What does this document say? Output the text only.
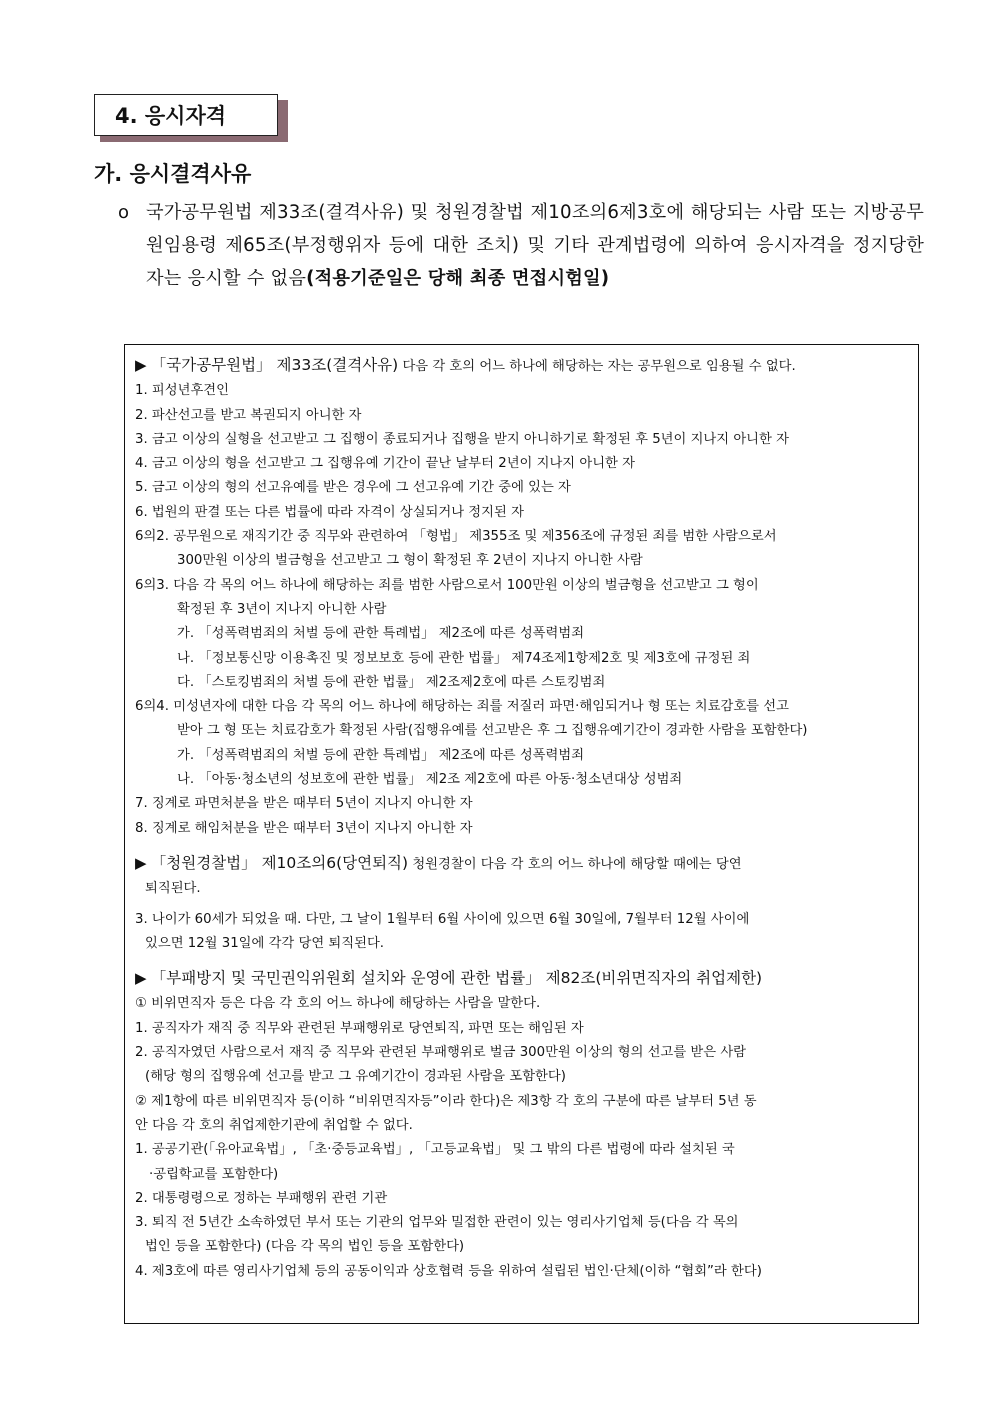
4. 응시자격
가. 응시결격사유
o 국가공무원법 제33조(결격사유) 및 청원경찰법 제10조의6제3호에 해당되는 사람 또는 지방공무원임용령 제65조(부정행위자 등에 대한 조치) 및 기타 관계법령에 의하여 응시자격을 정지당한 자는 응시할 수 없음(적용기준일은 당해 최종 면접시험일)
▶ 「국가공무원법」 제33조(결격사유) 다음 각 호의 어느 하나에 해당하는 자는 공무원으로 임용될 수 없다.
1. 피성년후견인
2. 파산선고를 받고 복권되지 아니한 자
3. 금고 이상의 실형을 선고받고 그 집행이 종료되거나 집행을 받지 아니하기로 확정된 후 5년이 지나지 아니한 자
4. 금고 이상의 형을 선고받고 그 집행유예 기간이 끝난 날부터 2년이 지나지 아니한 자
5. 금고 이상의 형의 선고유예를 받은 경우에 그 선고유예 기간 중에 있는 자
6. 법원의 판결 또는 다른 법률에 따라 자격이 상실되거나 정지된 자
6의2. 공무원으로 재직기간 중 직무와 관련하여 「형법」 제355조 및 제356조에 규정된 죄를 범한 사람으로서
300만원 이상의 벌금형을 선고받고 그 형이 확정된 후 2년이 지나지 아니한 사람
6의3. 다음 각 목의 어느 하나에 해당하는 죄를 범한 사람으로서 100만원 이상의 벌금형을 선고받고 그 형이
확정된 후 3년이 지나지 아니한 사람
가. 「성폭력범죄의 처벌 등에 관한 특례법」 제2조에 따른 성폭력범죄
나. 「정보통신망 이용촉진 및 정보보호 등에 관한 법률」 제74조제1항제2호 및 제3호에 규정된 죄
다. 「스토킹범죄의 처벌 등에 관한 법률」 제2조제2호에 따른 스토킹범죄
6의4. 미성년자에 대한 다음 각 목의 어느 하나에 해당하는 죄를 저질러 파면·해임되거나 형 또는 치료감호를 선고
받아 그 형 또는 치료감호가 확정된 사람(집행유예를 선고받은 후 그 집행유예기간이 경과한 사람을 포함한다)
가. 「성폭력범죄의 처벌 등에 관한 특례법」 제2조에 따른 성폭력범죄
나. 「아동·청소년의 성보호에 관한 법률」 제2조 제2호에 따른 아동·청소년대상 성범죄
7. 징계로 파면처분을 받은 때부터 5년이 지나지 아니한 자
8. 징계로 해임처분을 받은 때부터 3년이 지나지 아니한 자
▶ 「청원경찰법」 제10조의6(당연퇴직) 청원경찰이 다음 각 호의 어느 하나에 해당할 때에는 당연
퇴직된다.
3. 나이가 60세가 되었을 때. 다만, 그 날이 1월부터 6월 사이에 있으면 6월 30일에, 7월부터 12월 사이에
있으면 12월 31일에 각각 당연 퇴직된다.
▶ 「부패방지 및 국민권익위원회 설치와 운영에 관한 법률」 제82조(비위면직자의 취업제한)
① 비위면직자 등은 다음 각 호의 어느 하나에 해당하는 사람을 말한다.
1. 공직자가 재직 중 직무와 관련된 부패행위로 당연퇴직, 파면 또는 해임된 자
2. 공직자였던 사람으로서 재직 중 직무와 관련된 부패행위로 벌금 300만원 이상의 형의 선고를 받은 사람
(해당 형의 집행유예 선고를 받고 그 유예기간이 경과된 사람을 포함한다)
② 제1항에 따른 비위면직자 등(이하 “비위면직자등”이라 한다)은 제3항 각 호의 구분에 따른 날부터 5년 동
안 다음 각 호의 취업제한기관에 취업할 수 없다.
1. 공공기관(「유아교육법」, 「초·중등교육법」, 「고등교육법」 및 그 밖의 다른 법령에 따라 설치된 국
·공립학교를 포함한다)
2. 대통령령으로 정하는 부패행위 관련 기관
3. 퇴직 전 5년간 소속하였던 부서 또는 기관의 업무와 밀접한 관련이 있는 영리사기업체 등(다음 각 목의
법인 등을 포함한다) (다음 각 목의 법인 등을 포함한다)
4. 제3호에 따른 영리사기업체 등의 공동이익과 상호협력 등을 위하여 설립된 법인·단체(이하 “협회”라 한다)
